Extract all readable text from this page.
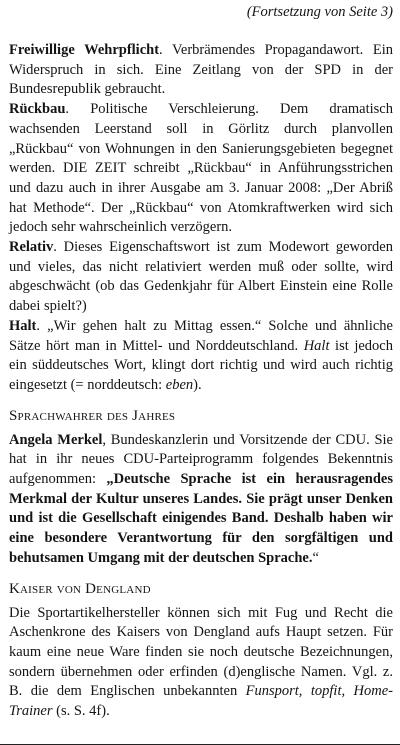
(Fortsetzung von Seite 3)

Freiwillige Wehrpflicht. Verbrämendes Propagandawort. Ein Widerspruch in sich. Eine Zeitlang von der SPD in der Bundesrepublik gebraucht.

Rückbau. Politische Verschleierung. Dem dramatisch wachsenden Leerstand soll in Görlitz durch planvollen „Rückbau“ von Wohnungen in den Sanierungsgebieten begegnet werden. DIE ZEIT schreibt „Rückbau“ in Anführungsstrichen und dazu auch in ihrer Ausgabe am 3. Januar 2008: „Der Abriß hat Methode“. Der „Rückbau“ von Atomkraftwerken wird sich jedoch sehr wahrscheinlich verzögern.

Relativ. Dieses Eigenschaftswort ist zum Modewort geworden und vieles, das nicht relativiert werden muß oder sollte, wird abgeschwächt (ob das Gedenkjahr für Albert Einstein eine Rolle dabei spielt?)

Halt. „Wir gehen halt zu Mittag essen.“ Solche und ähnliche Sätze hört man in Mittel- und Norddeutschland. Halt ist jedoch ein süddeutsches Wort, klingt dort richtig und wird auch richtig eingesetzt (= norddeutsch: eben).

Sprachwahrer des Jahres

Angela Merkel, Bundeskanzlerin und Vorsitzende der CDU. Sie hat in ihr neues CDU-Parteiprogramm folgendes Bekenntnis aufgenommen: „Deutsche Sprache ist ein herausragendes Merkmal der Kultur unseres Landes. Sie prägt unser Denken und ist die Gesellschaft einigendes Band. Deshalb haben wir eine besondere Verantwortung für den sorgfältigen und behutsamen Umgang mit der deutschen Sprache.“

Kaiser von Dengland

Die Sportartikelhersteller können sich mit Fug und Recht die Aschenkrone des Kaisers von Dengland aufs Haupt setzen. Für kaum eine neue Ware finden sie noch deutsche Bezeichnungen, sondern übernehmen oder erfinden (d)englische Namen. Vgl. z. B. die dem Englischen unbekannten Funsport, topfit, Home-Trainer (s. S. 4f).
